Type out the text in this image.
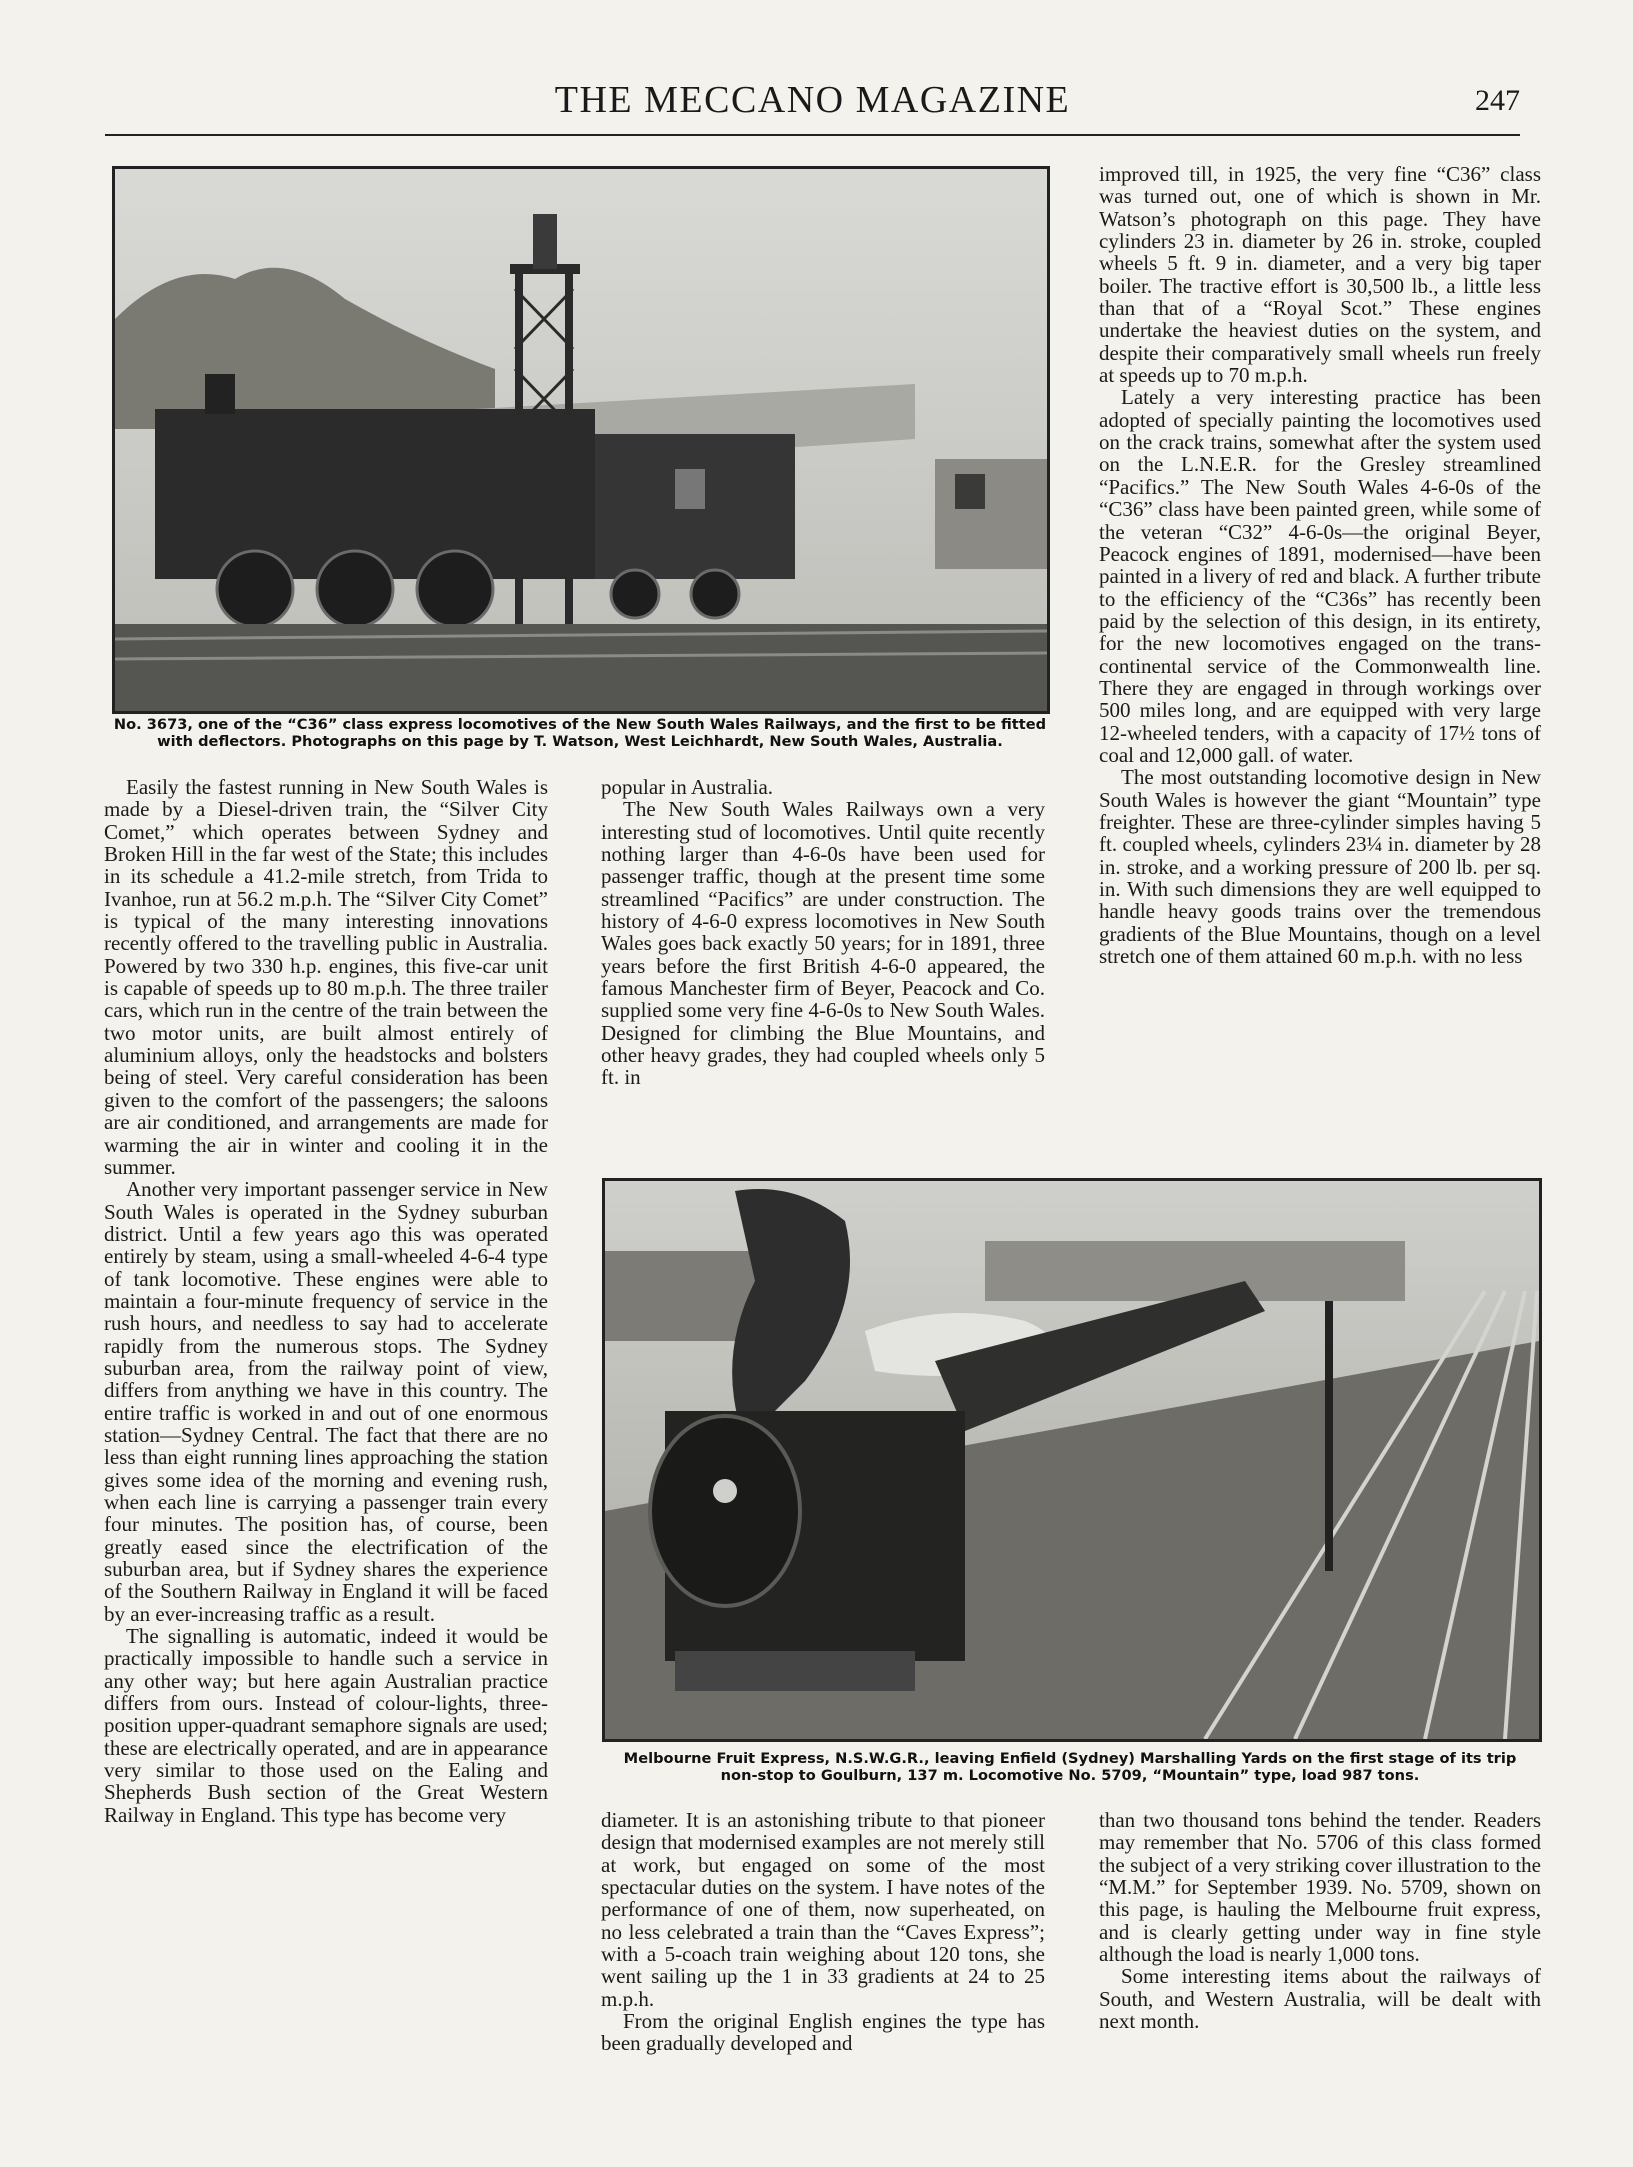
THE MECCANO MAGAZINE	247
No. 3673, one of the “C36” class express locomotives of the New South Wales Railways, and the first to be fitted
with deflectors. Photographs on this page by T. Watson, West Leichhardt, New South Wales, Australia.

Easily the fastest running in New South Wales is made by a Diesel-driven train, the “Silver City Comet,” which operates between Sydney and Broken Hill in the far west of the State; this includes in its schedule a 41.2-mile stretch, from Trida to Ivanhoe, run at 56.2 m.p.h. The “Silver City Comet” is typical of the many interesting innovations recently offered to the travelling public in Australia. Powered by two 330 h.p. engines, this five-car unit is capable of speeds up to 80 m.p.h. The three trailer cars, which run in the centre of the train between the two motor units, are built almost entirely of aluminium alloys, only the headstocks and bolsters being of steel. Very careful consideration has been given to the comfort of the passengers; the saloons are air conditioned, and arrangements are made for warming the air in winter and cooling it in the summer.

Another very important passenger service in New South Wales is operated in the Sydney suburban district. Until a few years ago this was operated entirely by steam, using a small-wheeled 4-6-4 type of tank locomotive. These engines were able to maintain a four-minute frequency of service in the rush hours, and needless to say had to accelerate rapidly from the numerous stops. The Sydney suburban area, from the railway point of view, differs from anything we have in this country. The entire traffic is worked in and out of one enormous station—Sydney Central. The fact that there are no less than eight running lines approaching the station gives some idea of the morning and evening rush, when each line is carrying a passenger train every four minutes. The position has, of course, been greatly eased since the electrification of the suburban area, but if Sydney shares the experience of the Southern Railway in England it will be faced by an ever-increasing traffic as a result.

The signalling is automatic, indeed it would be practically impossible to handle such a service in any other way; but here again Australian practice differs from ours. Instead of colour-lights, three-position upper-quadrant semaphore signals are used; these are electrically operated, and are in appearance very similar to those used on the Ealing and Shepherds Bush section of the Great Western Railway in England. This type has become very

popular in Australia.

The New South Wales Railways own a very interesting stud of locomotives. Until quite recently nothing larger than 4-6-0s have been used for passenger traffic, though at the present time some streamlined “Pacifics” are under construction. The history of 4-6-0 express locomotives in New South Wales goes back exactly 50 years; for in 1891, three years before the first British 4-6-0 appeared, the famous Manchester firm of Beyer, Peacock and Co. supplied some very fine 4-6-0s to New South Wales. Designed for climbing the Blue Mountains, and other heavy grades, they had coupled wheels only 5 ft. in

improved till, in 1925, the very fine “C36” class was turned out, one of which is shown in Mr. Watson’s photograph on this page. They have cylinders 23 in. diameter by 26 in. stroke, coupled wheels 5 ft. 9 in. diameter, and a very big taper boiler. The tractive effort is 30,500 lb., a little less than that of a “Royal Scot.” These engines undertake the heaviest duties on the system, and despite their comparatively small wheels run freely at speeds up to 70 m.p.h.

Lately a very interesting practice has been adopted of specially painting the locomotives used on the crack trains, somewhat after the system used on the L.N.E.R. for the Gresley streamlined “Pacifics.” The New South Wales 4-6-0s of the “C36” class have been painted green, while some of the veteran “C32” 4-6-0s—the original Beyer, Peacock engines of 1891, modernised—have been painted in a livery of red and black. A further tribute to the efficiency of the “C36s” has recently been paid by the selection of this design, in its entirety, for the new locomotives engaged on the trans-continental service of the Commonwealth line. There they are engaged in through workings over 500 miles long, and are equipped with very large 12-wheeled tenders, with a capacity of 17½ tons of coal and 12,000 gall. of water.

The most outstanding locomotive design in New South Wales is however the giant “Mountain” type freighter. These are three-cylinder simples having 5 ft. coupled wheels, cylinders 23¼ in. diameter by 28 in. stroke, and a working pressure of 200 lb. per sq. in. With such dimensions they are well equipped to handle heavy goods trains over the tremendous gradients of the Blue Mountains, though on a level stretch one of them attained 60 m.p.h. with no less

Melbourne Fruit Express, N.S.W.G.R., leaving Enfield (Sydney) Marshalling Yards on the first stage of its trip
non-stop to Goulburn, 137 m. Locomotive No. 5709, “Mountain” type, load 987 tons.

diameter. It is an astonishing tribute to that pioneer design that modernised examples are not merely still at work, but engaged on some of the most spectacular duties on the system. I have notes of the performance of one of them, now superheated, on no less celebrated a train than the “Caves Express”; with a 5-coach train weighing about 120 tons, she went sailing up the 1 in 33 gradients at 24 to 25 m.p.h.

From the original English engines the type has been gradually developed and

than two thousand tons behind the tender. Readers may remember that No. 5706 of this class formed the subject of a very striking cover illustration to the “M.M.” for September 1939. No. 5709, shown on this page, is hauling the Melbourne fruit express, and is clearly getting under way in fine style although the load is nearly 1,000 tons.

Some interesting items about the railways of South, and Western Australia, will be dealt with next month.
